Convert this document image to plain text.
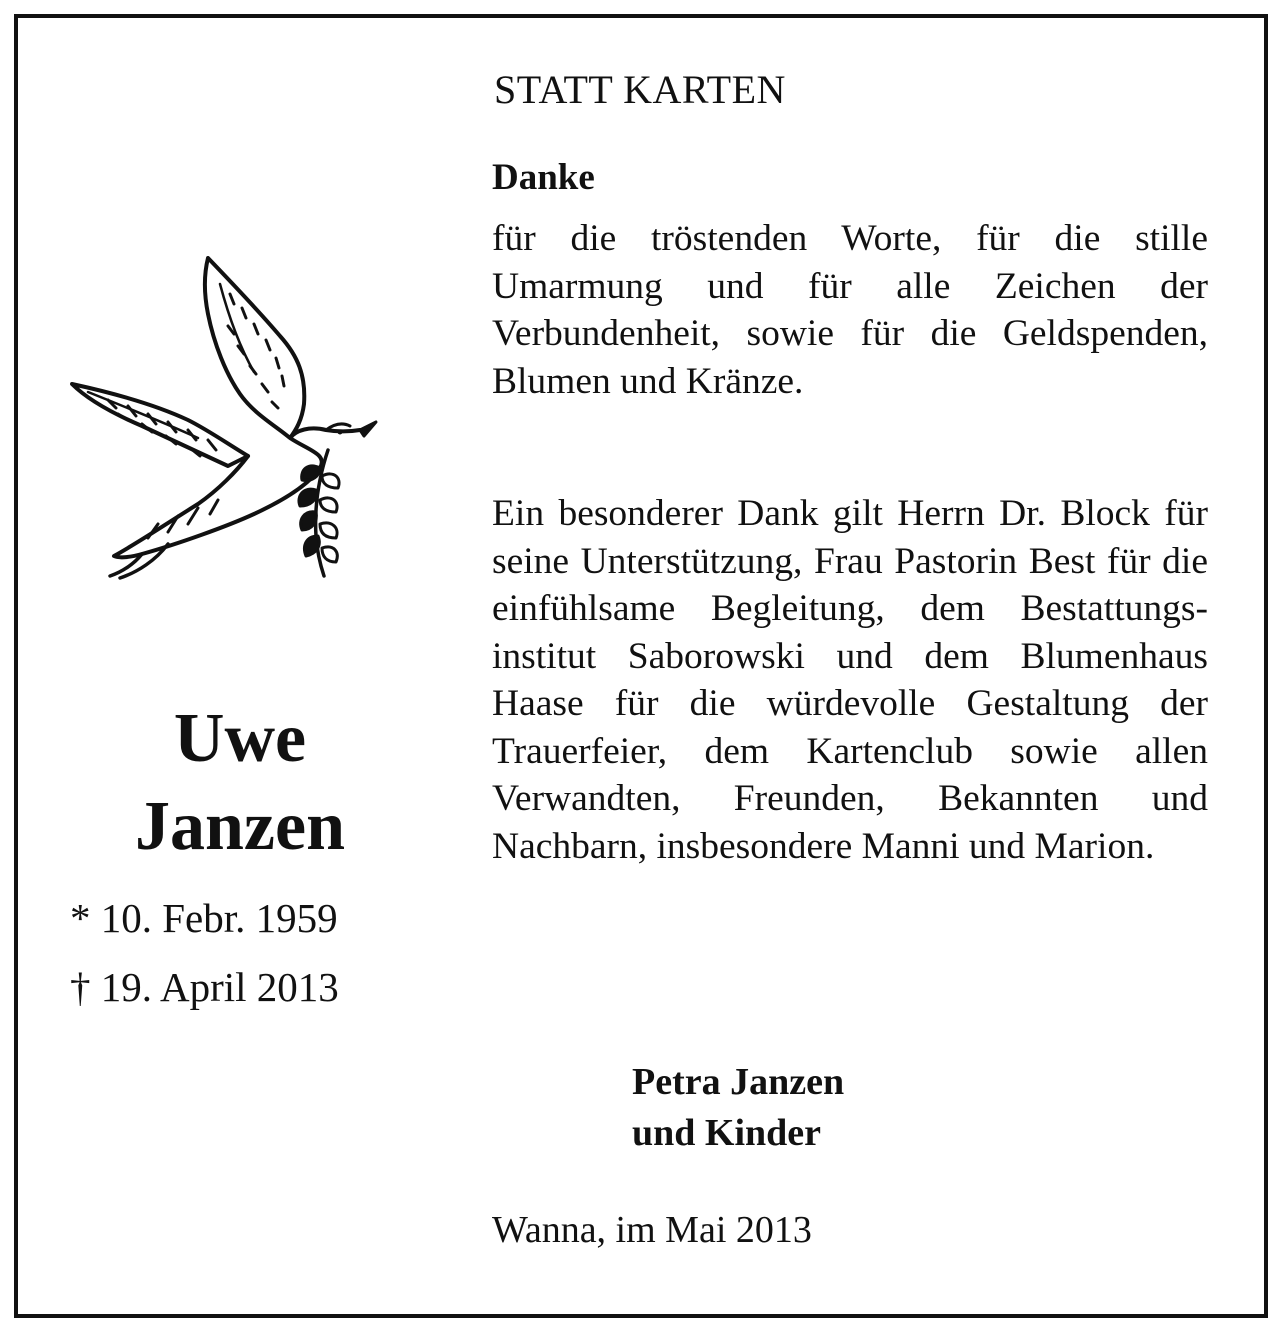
STATT KARTEN
Uwe
Janzen
* 10. Febr. 1959
† 19. April 2013
Danke
für die tröstenden Worte, für die stille Umarmung und für alle Zeichen der Verbundenheit, sowie für die Geldspenden, Blumen und Kränze.
Ein besonderer Dank gilt Herrn Dr. Block für seine Unterstützung, Frau Pastorin Best für die einfühlsame Begleitung, dem Bestattungsinstitut Saborowski und dem Blumenhaus Haase für die würdevolle Gestaltung der Trauerfeier, dem Kartenclub sowie allen Verwandten, Freunden, Bekannten und Nachbarn, insbesondere Manni und Marion.
Petra Janzen
und Kinder
Wanna, im Mai 2013
